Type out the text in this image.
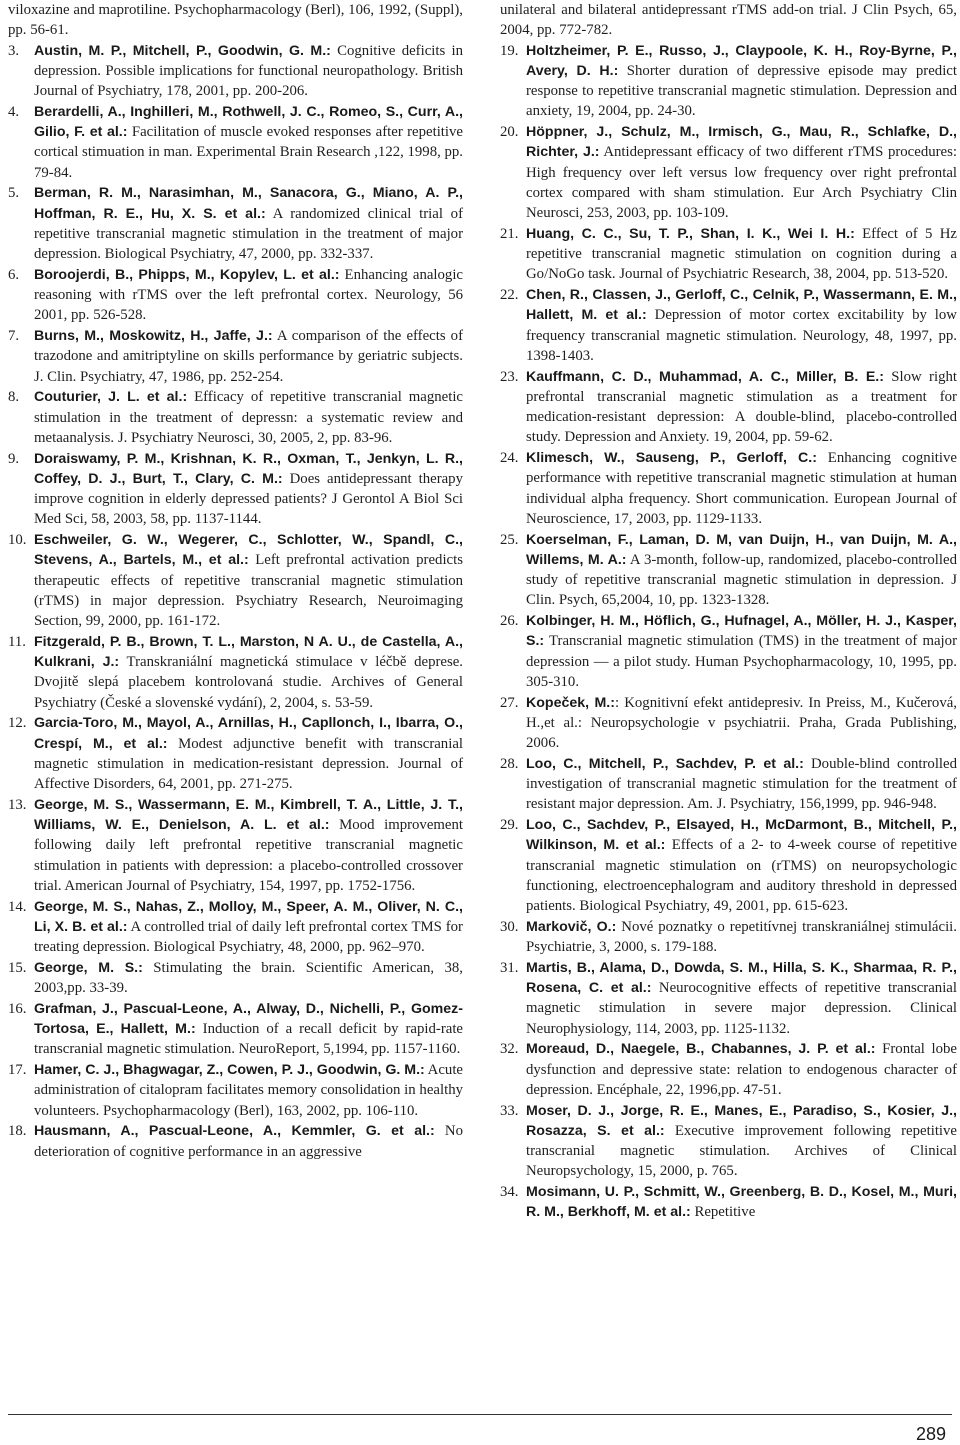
viloxazine and maprotiline. Psychopharmacology (Berl), 106, 1992, (Suppl), pp. 56-61.
3.	Austin, M. P., Mitchell, P., Goodwin, G. M.: Cognitive deficits in depression. Possible implications for functional neuropathology. British Journal of Psychiatry, 178, 2001, pp. 200-206.
4.	Berardelli, A., Inghilleri, M., Rothwell, J. C., Romeo, S., Curr, A., Gilio, F. et al.: Facilitation of muscle evoked responses after repetitive cortical stimuation in man. Experimental Brain Research ,122, 1998, pp. 79-84.
5.	Berman, R. M., Narasimhan, M., Sanacora, G., Miano, A. P., Hoffman, R. E., Hu, X. S. et al.: A randomized clinical trial of repetitive transcranial magnetic stimulation in the treatment of major depression. Biological Psychiatry, 47, 2000, pp. 332-337.
6.	Boroojerdi, B., Phipps, M., Kopylev, L. et al.: Enhancing analogic reasoning with rTMS over the left prefrontal cortex. Neurology, 56 2001, pp. 526-528.
7.	Burns, M., Moskowitz, H., Jaffe, J.: A comparison of the effects of trazodone and amitriptyline on skills performance by geriatric subjects. J. Clin. Psychiatry, 47, 1986, pp. 252-254.
8.	Couturier, J. L. et al.: Efficacy of repetitive transcranial magnetic stimulation in the treatment of depressn: a systematic review and metaanalysis. J. Psychiatry Neurosci, 30, 2005, 2, pp. 83-96.
9.	Doraiswamy, P. M., Krishnan, K. R., Oxman, T., Jenkyn, L. R., Coffey, D. J., Burt, T., Clary, C. M.: Does antidepressant therapy improve cognition in elderly depressed patients? J Gerontol A Biol Sci Med Sci, 58, 2003, 58, pp. 1137-1144.
10. Eschweiler, G. W., Wegerer, C., Schlotter, W., Spandl, C., Stevens, A., Bartels, M., et al.: Left prefrontal activation predicts therapeutic effects of repetitive transcranial magnetic stimulation (rTMS) in major depression. Psychiatry Research, Neuroimaging Section, 99, 2000, pp. 161-172.
11. Fitzgerald, P. B., Brown, T. L., Marston, N A. U., de Castella, A., Kulkrani, J.: Transkraniální magnetická stimulace v léčbě deprese. Dvojitě slepá placebem kontrolovaná studie. Archives of General Psychiatry (České a slovenské vydání), 2, 2004, s. 53-59.
12. Garcia-Toro, M., Mayol, A., Arnillas, H., Capllonch, I., Ibarra, O., Crespí, M., et al.: Modest adjunctive benefit with transcranial magnetic stimulation in medication-resistant depression. Journal of Affective Disorders, 64, 2001, pp. 271-275.
13. George, M. S., Wassermann, E. M., Kimbrell, T. A., Little, J. T., Williams, W. E., Denielson, A. L. et al.: Mood improvement following daily left prefrontal repetitive transcranial magnetic stimulation in patients with depression: a placebo-controlled crossover trial. American Journal of Psychiatry, 154, 1997, pp. 1752-1756.
14. George, M. S., Nahas, Z., Molloy, M., Speer, A. M., Oliver, N. C., Li, X. B. et al.: A controlled trial of daily left prefrontal cortex TMS for treating depression. Biological Psychiatry, 48, 2000, pp. 962–970.
15. George, M. S.: Stimulating the brain. Scientific American, 38, 2003,pp. 33-39.
16. Grafman, J., Pascual-Leone, A., Alway, D., Nichelli, P., Gomez-Tortosa, E., Hallett, M.: Induction of a recall deficit by rapid-rate transcranial magnetic stimulation. NeuroReport, 5,1994, pp. 1157-1160.
17. Hamer, C. J., Bhagwagar, Z., Cowen, P. J., Goodwin, G. M.: Acute administration of citalopram facilitates memory consolidation in healthy volunteers. Psychopharmacology (Berl), 163, 2002, pp. 106-110.
18. Hausmann, A., Pascual-Leone, A., Kemmler, G. et al.: No deterioration of cognitive performance in an aggressive
unilateral and bilateral antidepressant rTMS add-on trial. J Clin Psych, 65, 2004, pp. 772-782.
19. Holtzheimer, P. E., Russo, J., Claypoole, K. H., Roy-Byrne, P., Avery, D. H.: Shorter duration of depressive episode may predict response to repetitive transcranial magnetic stimulation. Depression and anxiety, 19, 2004, pp. 24-30.
20. Höppner, J., Schulz, M., Irmisch, G., Mau, R., Schlafke, D., Richter, J.: Antidepressant efficacy of two different rTMS procedures: High frequency over left versus low frequency over right prefrontal cortex compared with sham stimulation. Eur Arch Psychiatry Clin Neurosci, 253, 2003, pp. 103-109.
21. Huang, C. C., Su, T. P., Shan, I. K., Wei I. H.: Effect of 5 Hz repetitive transcranial magnetic stimulation on cognition during a Go/NoGo task. Journal of Psychiatric Research, 38, 2004, pp. 513-520.
22. Chen, R., Classen, J., Gerloff, C., Celnik, P., Wassermann, E. M., Hallett, M. et al.: Depression of motor cortex excitability by low frequency transcranial magnetic stimulation. Neurology, 48, 1997, pp. 1398-1403.
23. Kauffmann, C. D., Muhammad, A. C., Miller, B. E.: Slow right prefrontal transcranial magnetic stimulation as a treatment for medication-resistant depression: A double-blind, placebo-controlled study. Depression and Anxiety. 19, 2004, pp. 59-62.
24. Klimesch, W., Sauseng, P., Gerloff, C.: Enhancing cognitive performance with repetitive transcranial magnetic stimulation at human individual alpha frequency. Short communication. European Journal of Neuroscience, 17, 2003, pp. 1129-1133.
25. Koerselman, F., Laman, D. M, van Duijn, H., van Duijn, M. A., Willems, M. A.: A 3-month, follow-up, randomized, placebo-controlled study of repetitive transcranial magnetic stimulation in depression. J Clin. Psych, 65,2004, 10, pp. 1323-1328.
26. Kolbinger, H. M., Höflich, G., Hufnagel, A., Möller, H. J., Kasper, S.: Transcranial magnetic stimulation (TMS) in the treatment of major depression — a pilot study. Human Psychopharmacology, 10, 1995, pp. 305-310.
27. Kopeček, M.:: Kognitivní efekt antidepresiv. In Preiss, M., Kučerová, H.,et al.: Neuropsychologie v psychiatrii. Praha, Grada Publishing, 2006.
28. Loo, C., Mitchell, P., Sachdev, P. et al.: Double-blind controlled investigation of transcranial magnetic stimulation for the treatment of resistant major depression. Am. J. Psychiatry, 156,1999, pp. 946-948.
29. Loo, C., Sachdev, P., Elsayed, H., McDarmont, B., Mitchell, P., Wilkinson, M. et al.: Effects of a 2- to 4-week course of repetitive transcranial magnetic stimulation on (rTMS) on neuropsychologic functioning, electroencephalogram and auditory threshold in depressed patients. Biological Psychiatry, 49, 2001, pp. 615-623.
30. Markovič, O.: Nové poznatky o repetitívnej transkraniálnej stimulácii. Psychiatrie, 3, 2000, s. 179-188.
31. Martis, B., Alama, D., Dowda, S. M., Hilla, S. K., Sharmaa, R. P., Rosena, C. et al.: Neurocognitive effects of repetitive transcranial magnetic stimulation in severe major depression. Clinical Neurophysiology, 114, 2003, pp. 1125-1132.
32. Moreaud, D., Naegele, B., Chabannes, J. P. et al.: Frontal lobe dysfunction and depressive state: relation to endogenous character of depression. Encéphale, 22, 1996,pp. 47-51.
33. Moser, D. J., Jorge, R. E., Manes, E., Paradiso, S., Kosier, J., Rosazza, S. et al.: Executive improvement following repetitive transcranial magnetic stimulation. Archives of Clinical Neuropsychology, 15, 2000, p. 765.
34. Mosimann, U. P., Schmitt, W., Greenberg, B. D., Kosel, M., Muri, R. M., Berkhoff, M. et al.: Repetitive
289
